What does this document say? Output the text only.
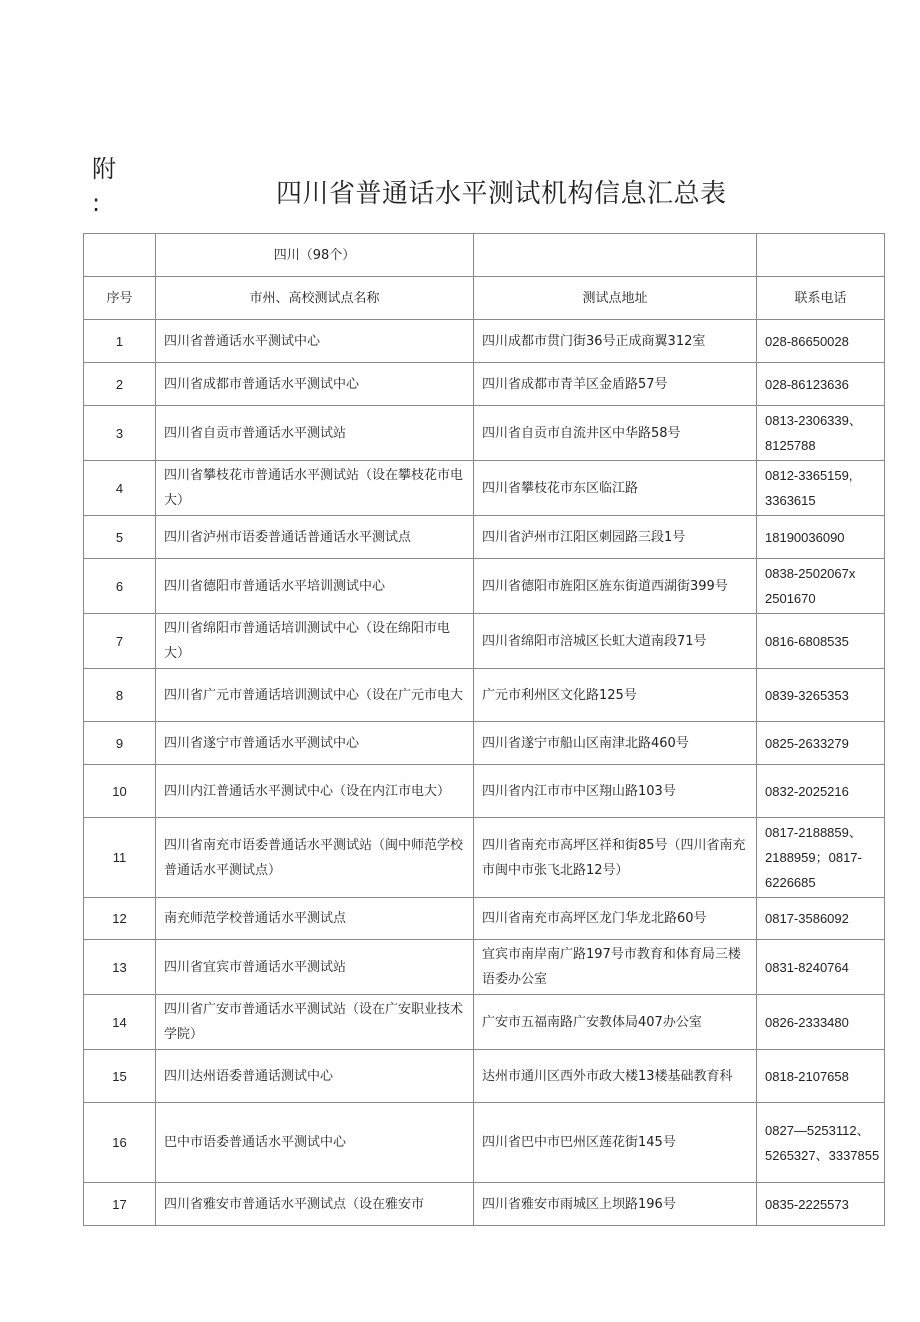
附
:	四川省普通话水平测试机构信息汇总表
	四川（98个）		
序号	市州、高校测试点名称	测试点地址	联系电话
1	四川省普通话水平测试中心	四川成都市贯门街36号正成商翼312室	028-86650028
2	四川省成都市普通话水平测试中心	四川省成都市青羊区金盾路57号	028-86123636
3	四川省自贡市普通话水平测试站	四川省自贡市自流井区中华路58号	0813-2306339、8125788
4	四川省攀枝花市普通话水平测试站（设在攀枝花市电大）	四川省攀枝花市东区临江路	0812-3365159, 3363615
5	四川省泸州市语委普通话普通话水平测试点	四川省泸州市江阳区刺园路三段1号	18190036090
6	四川省德阳市普通话水平培训测试中心	四川省德阳市旌阳区旌东街道西湖街399号	0838-2502067x 2501670
7	四川省绵阳市普通话培训测试中心（设在绵阳市电大）	四川省绵阳市涪城区长虹大道南段71号	0816-6808535
8	四川省广元市普通话培训测试中心（设在广元市电大	广元市利州区文化路125号	0839-3265353
9	四川省遂宁市普通话水平测试中心	四川省遂宁市船山区南津北路460号	0825-2633279
10	四川内江普通话水平测试中心（设在内江市电大）	四川省内江市市中区翔山路103号	0832-2025216
11	四川省南充市语委普通话水平测试站（闽中师范学校普通话水平测试点）	四川省南充市高坪区祥和街85号（四川省南充市闽中市张飞北路12号）	0817-2188859、2188959；0817-6226685
12	南充师范学校普通话水平测试点	四川省南充市高坪区龙门华龙北路60号	0817-3586092
13	四川省宜宾市普通话水平测试站	宜宾市南岸南广路197号市教育和体育局三楼语委办公室	0831-8240764
14	四川省广安市普通话水平测试站（设在广安职业技术学院）	广安市五福南路广安教体局407办公室	0826-2333480
15	四川达州语委普通话测试中心	达州市通川区西外市政大楼13楼基础教育科	0818-2107658
16	巴中市语委普通话水平测试中心	四川省巴中市巴州区莲花街145号	0827—5253112、5265327、3337855
17	四川省雅安市普通话水平测试点（设在雅安市	四川省雅安市雨城区上坝路196号	0835-2225573
